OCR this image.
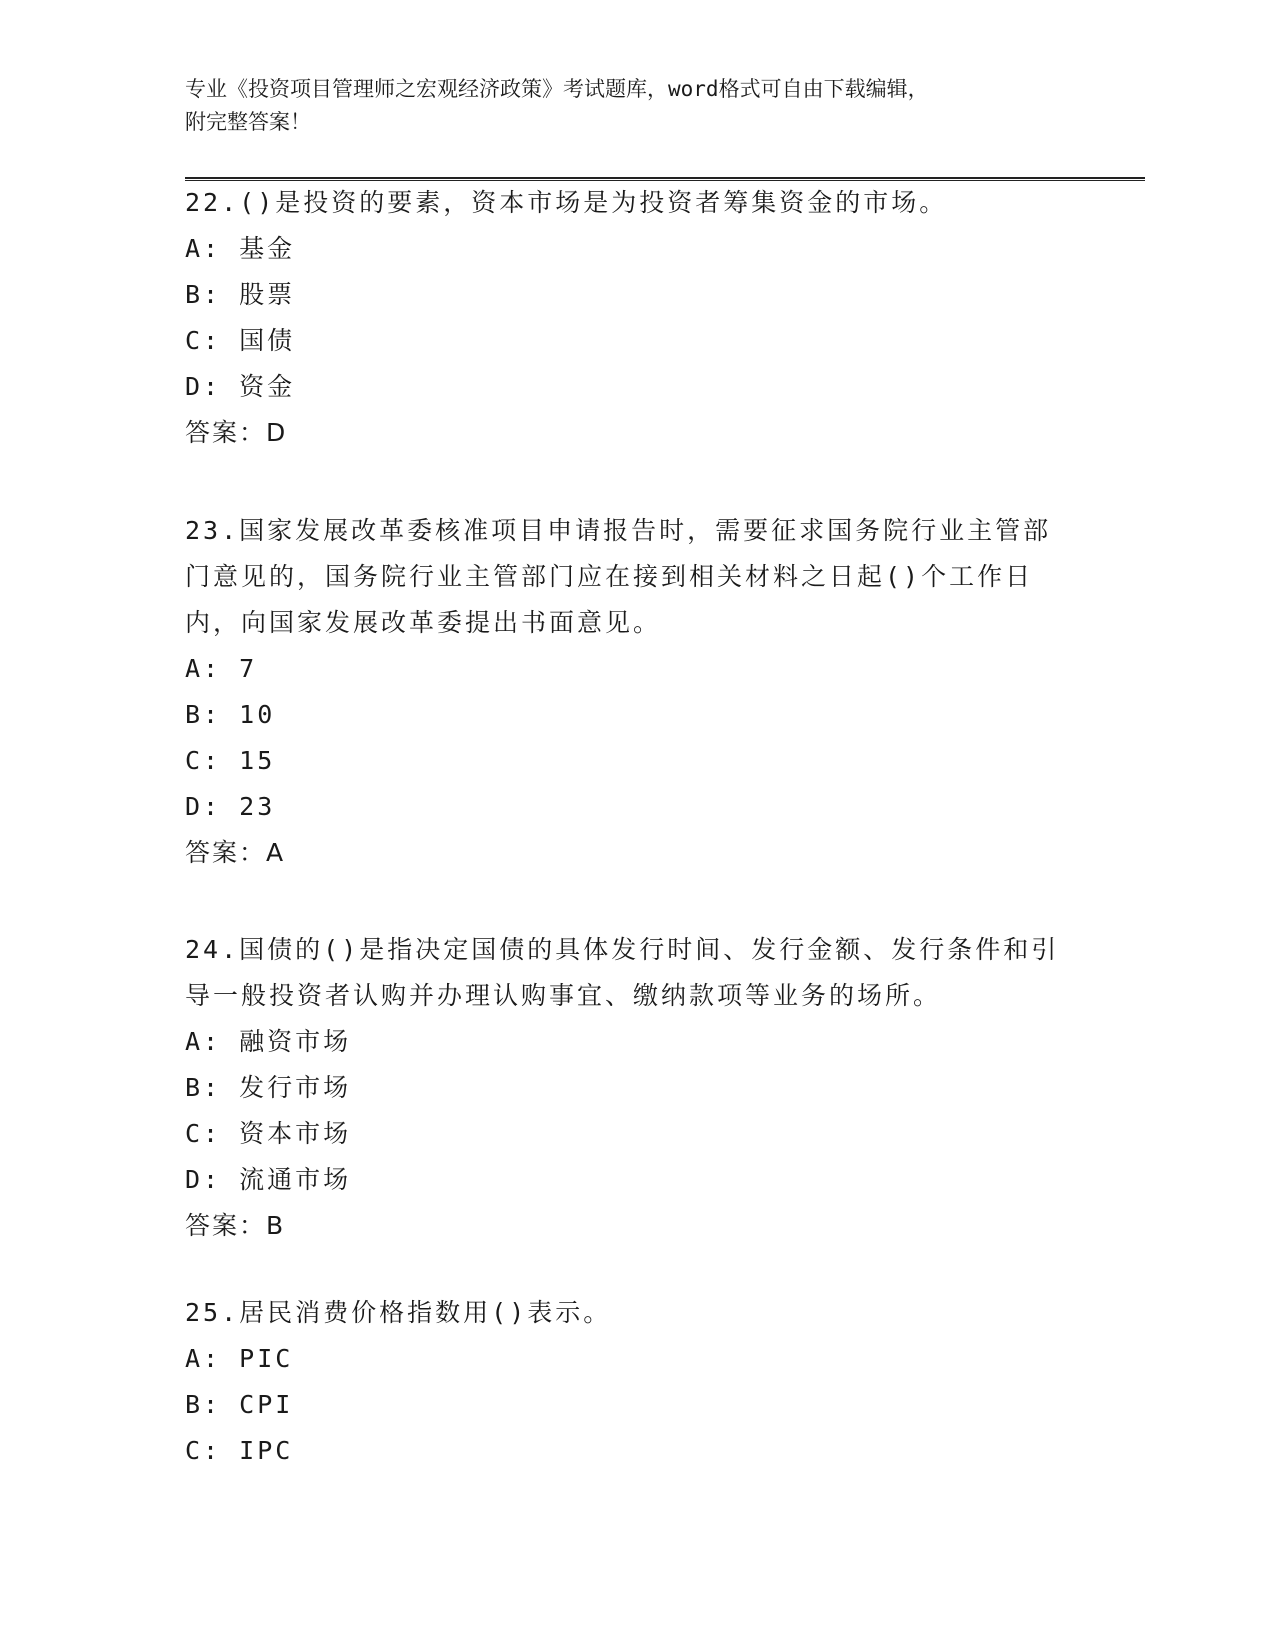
专业《投资项目管理师之宏观经济政策》考试题库，word格式可自由下载编辑，
附完整答案！
22.()是投资的要素，资本市场是为投资者筹集资金的市场。
A: 基金
B: 股票
C: 国债
D: 资金
答案：D
23.国家发展改革委核准项目申请报告时，需要征求国务院行业主管部
门意见的，国务院行业主管部门应在接到相关材料之日起()个工作日
内，向国家发展改革委提出书面意见。
A: 7
B: 10
C: 15
D: 23
答案：A
24.国债的()是指决定国债的具体发行时间、发行金额、发行条件和引
导一般投资者认购并办理认购事宜、缴纳款项等业务的场所。
A: 融资市场
B: 发行市场
C: 资本市场
D: 流通市场
答案：B
25.居民消费价格指数用()表示。
A: PIC
B: CPI
C: IPC
